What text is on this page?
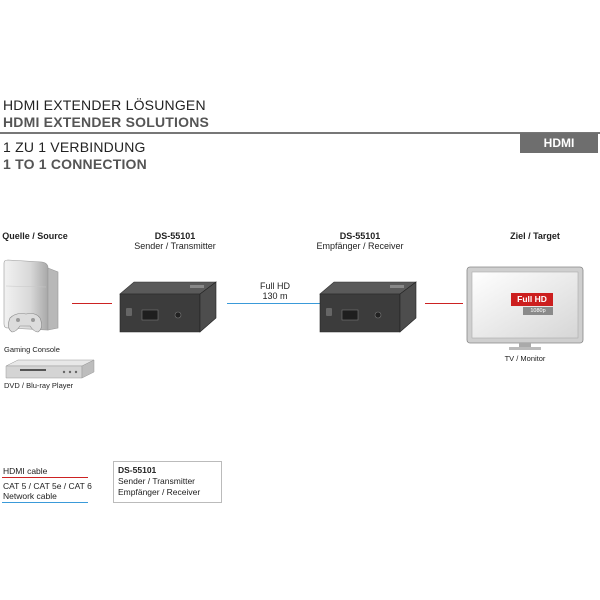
HDMI EXTENDER LÖSUNGEN
HDMI EXTENDER SOLUTIONS
1 ZU 1 VERBINDUNG
1 TO 1 CONNECTION
HDMI
Quelle / Source	DS-55101
Sender / Transmitter
DS-55101
Empfänger / Receiver
Ziel / Target
Gaming Console
DVD / Blu-ray Player
Full HD
130 m	Full HD
1080p
TV / Monitor
HDMI cable
CAT 5 / CAT 5e / CAT 6
Network cable
DS-55101
Sender / Transmitter
Empfänger / Receiver
